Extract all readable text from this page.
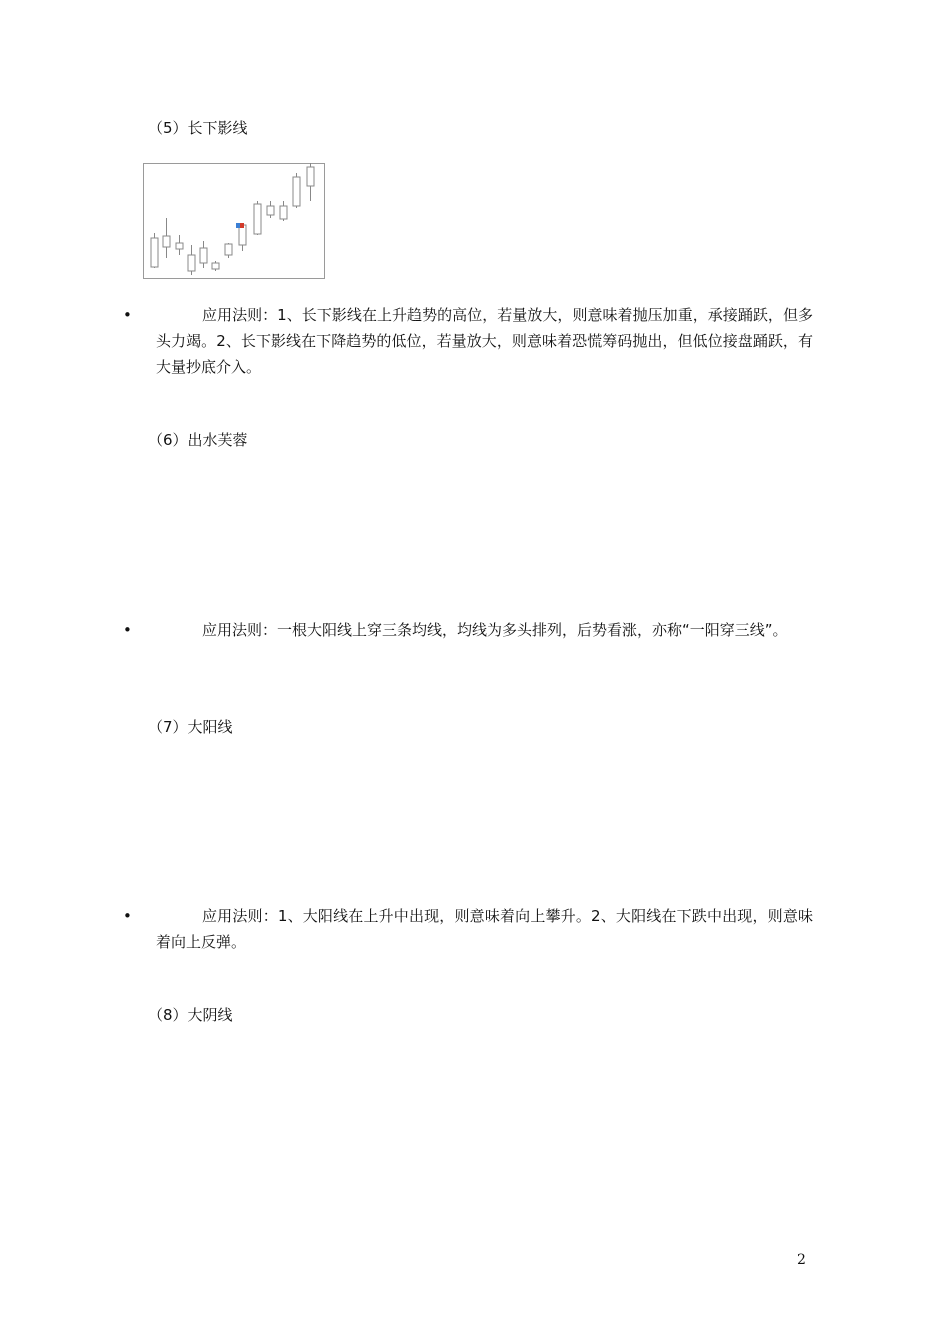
（5）长下影线
•	应用法则：1、长下影线在上升趋势的高位，若量放大，则意味着抛压加重，承接踊跃，但多头力竭。2、长下影线在下降趋势的低位，若量放大，则意味着恐慌筹码抛出，但低位接盘踊跃，有大量抄底介入。
（6）出水芙蓉
•	应用法则：一根大阳线上穿三条均线，均线为多头排列，后势看涨，亦称“一阳穿三线”。
（7）大阳线
•	应用法则：1、大阳线在上升中出现，则意味着向上攀升。2、大阳线在下跌中出现，则意味着向上反弹。
（8）大阴线
2
